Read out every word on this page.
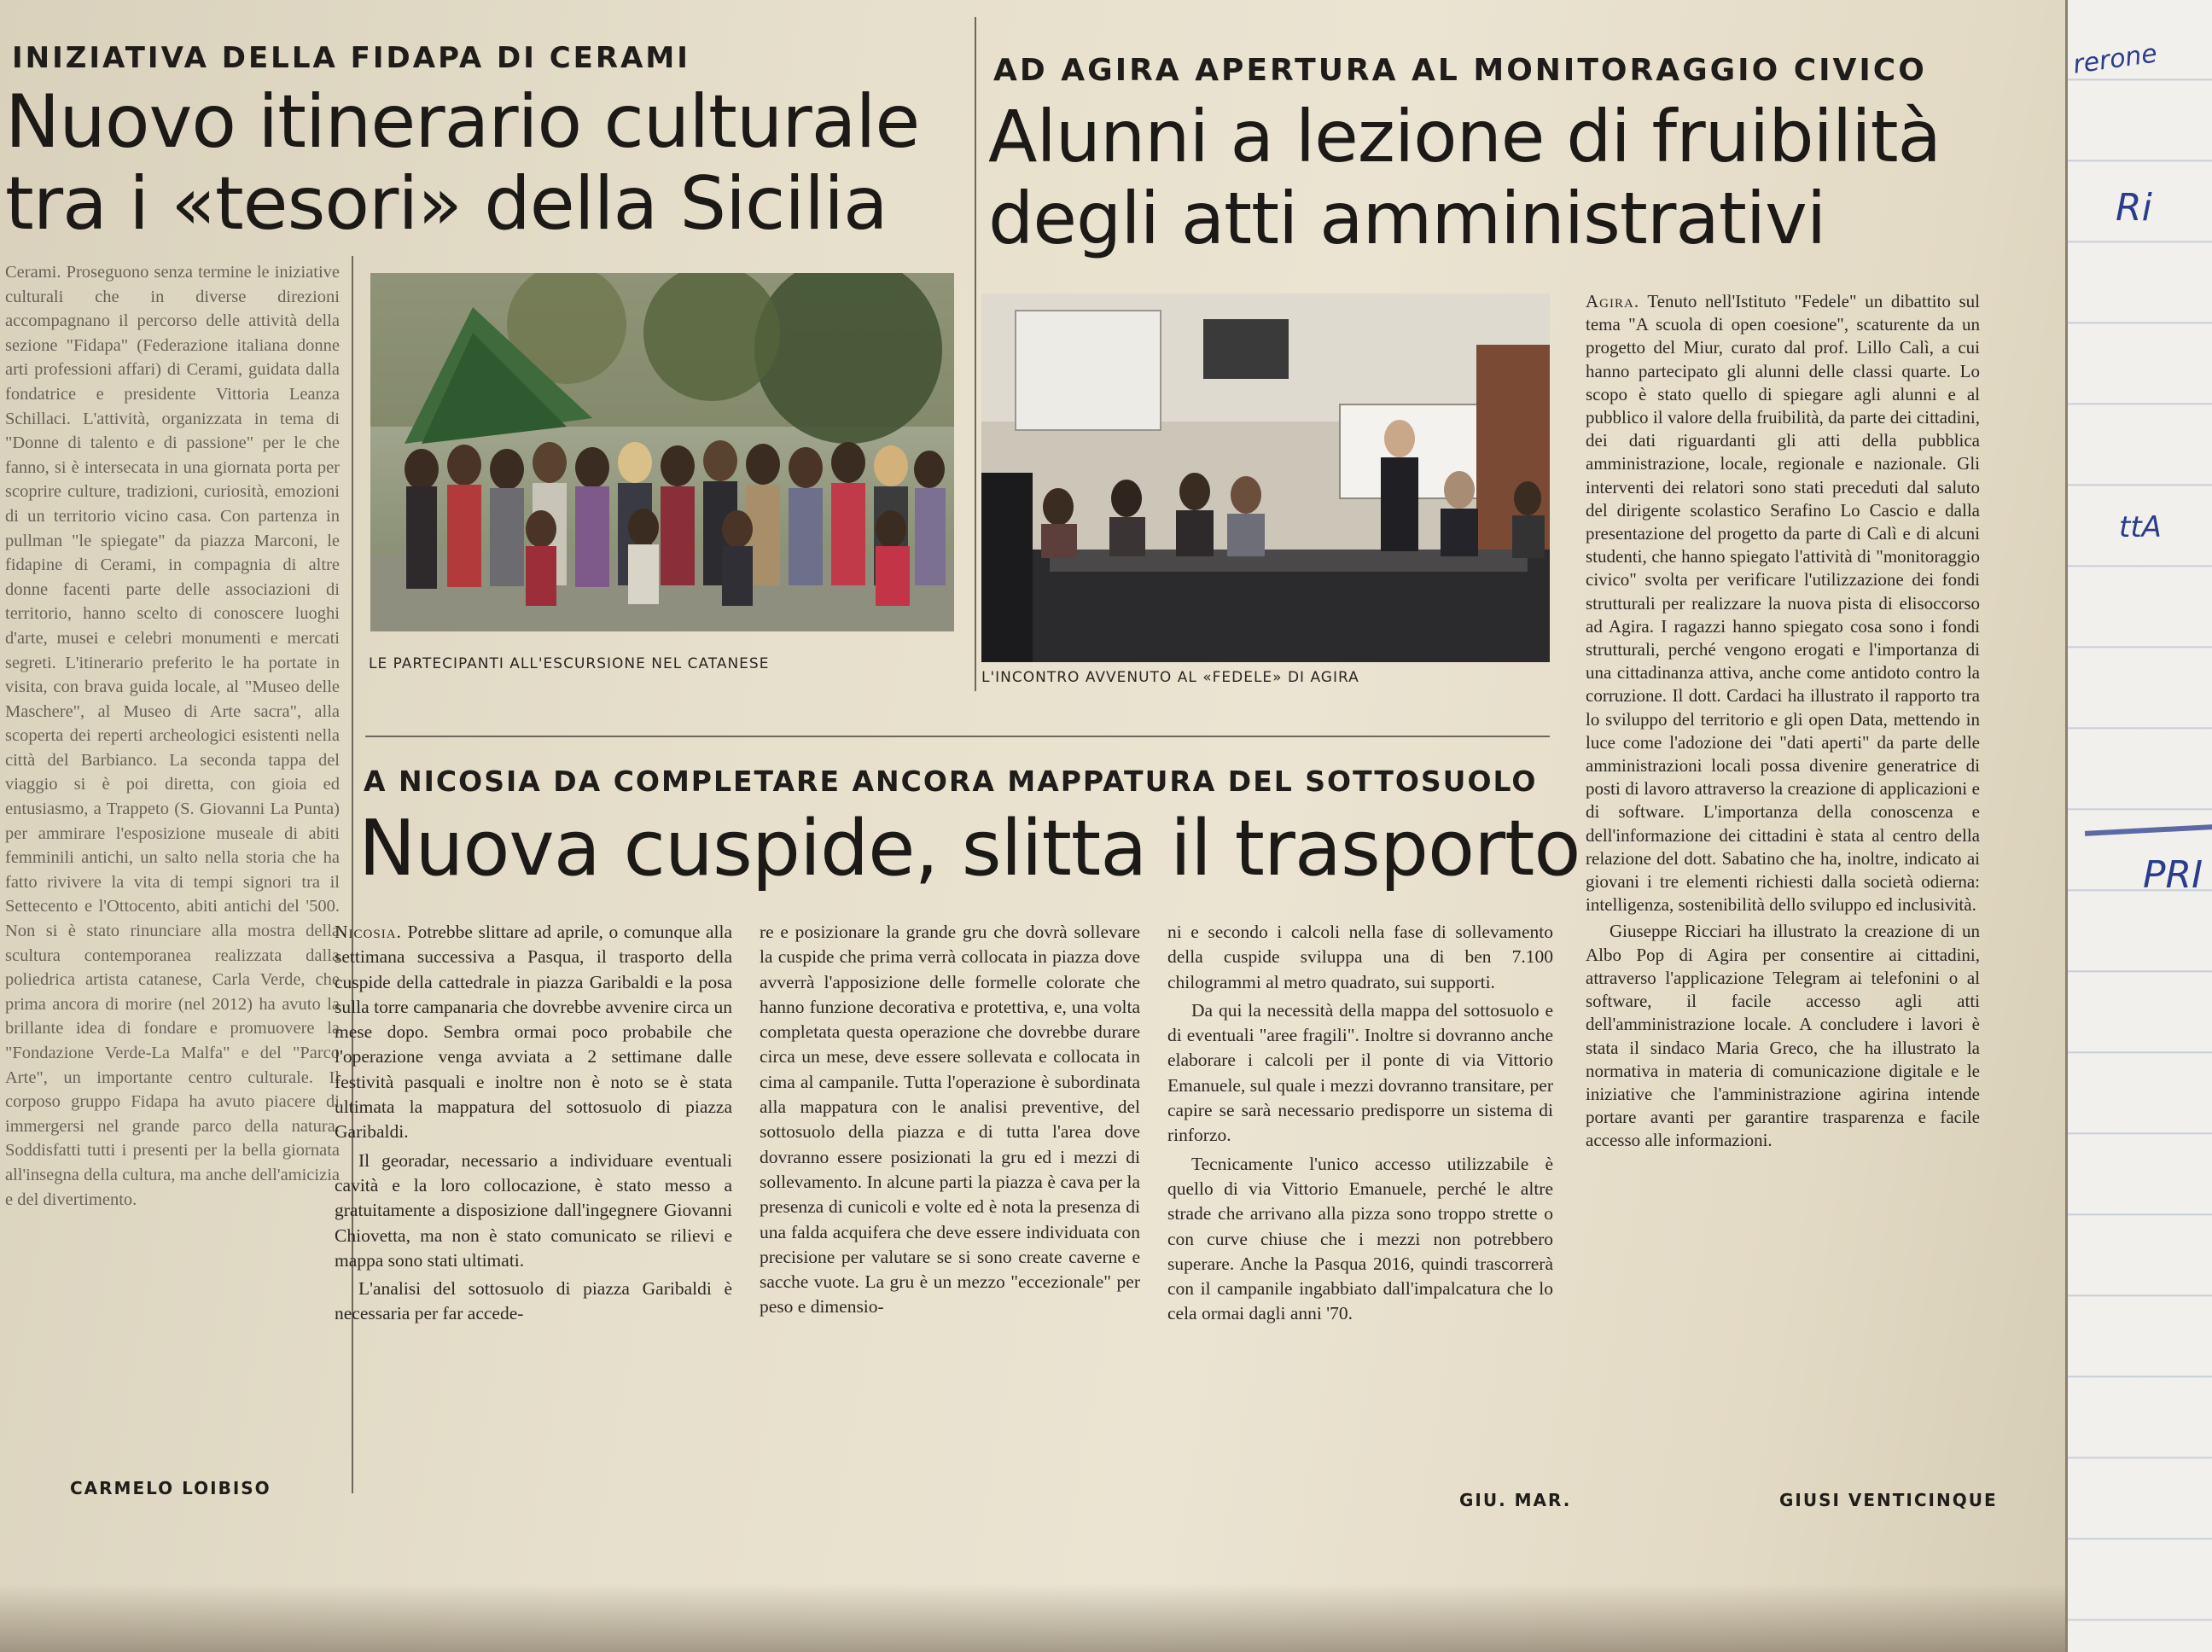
INIZIATIVA DELLA FIDAPA DI CERAMI
Nuovo itinerario culturale
tra i «tesori» della Sicilia

Cerami. Proseguono senza termine le iniziative culturali che in diverse direzioni accompagnano il percorso delle attività della sezione "Fidapa" (Federazione italiana donne arti professioni affari) di Cerami, guidata dalla fondatrice e presidente Vittoria Leanza Schillaci. L'attività, organizzata in tema di "Donne di talento e di passione" per le che fanno, si è intersecata in una giornata porta per scoprire culture, tradizioni, curiosità, emozioni di un territorio vicino casa. Con partenza in pullman "le spiegate" da piazza Marconi, le fidapine di Cerami, in compagnia di altre donne facenti parte delle associazioni di territorio, hanno scelto di conoscere luoghi d'arte, musei e celebri monumenti e mercati segreti. L'itinerario preferito le ha portate in visita, con brava guida locale, al "Museo delle Maschere", al Museo di Arte sacra", alla scoperta dei reperti archeologici esistenti nella città del Barbianco. La seconda tappa del viaggio si è poi diretta, con gioia ed entusiasmo, a Trappeto (S. Giovanni La Punta) per ammirare l'esposizione museale di abiti femminili antichi, un salto nella storia che ha fatto rivivere la vita di tempi signori tra il Settecento e l'Ottocento, abiti antichi del '500. Non si è stato rinunciare alla mostra della scultura contemporanea realizzata dalla poliedrica artista catanese, Carla Verde, che prima ancora di morire (nel 2012) ha avuto la brillante idea di fondare e promuovere la "Fondazione Verde-La Malfa" e del "Parco Arte", un importante centro culturale. Il corposo gruppo Fidapa ha avuto piacere di immergersi nel grande parco della natura. Soddisfatti tutti i presenti per la bella giornata all'insegna della cultura, ma anche dell'amicizia e del divertimento.

CARMELO LOIBISO
LE PARTECIPANTI ALL'ESCURSIONE NEL CATANESE
AD AGIRA APERTURA AL MONITORAGGIO CIVICO
Alunni a lezione di fruibilità
degli atti amministrativi
L'INCONTRO AVVENUTO AL «FEDELE» DI AGIRA

Agira. Tenuto nell'Istituto "Fedele" un dibattito sul tema "A scuola di open coesione", scaturente da un progetto del Miur, curato dal prof. Lillo Calì, a cui hanno partecipato gli alunni delle classi quarte. Lo scopo è stato quello di spiegare agli alunni e al pubblico il valore della fruibilità, da parte dei cittadini, dei dati riguardanti gli atti della pubblica amministrazione, locale, regionale e nazionale. Gli interventi dei relatori sono stati preceduti dal saluto del dirigente scolastico Serafino Lo Cascio e dalla presentazione del progetto da parte di Calì e di alcuni studenti, che hanno spiegato l'attività di "monitoraggio civico" svolta per verificare l'utilizzazione dei fondi strutturali per realizzare la nuova pista di elisoccorso ad Agira. I ragazzi hanno spiegato cosa sono i fondi strutturali, perché vengono erogati e l'importanza di una cittadinanza attiva, anche come antidoto contro la corruzione. Il dott. Cardaci ha illustrato il rapporto tra lo sviluppo del territorio e gli open Data, mettendo in luce come l'adozione dei "dati aperti" da parte delle amministrazioni locali possa divenire generatrice di posti di lavoro attraverso la creazione di applicazioni e di software. L'importanza della conoscenza e dell'informazione dei cittadini è stata al centro della relazione del dott. Sabatino che ha, inoltre, indicato ai giovani i tre elementi richiesti dalla società odierna: intelligenza, sostenibilità dello sviluppo ed inclusività.

Giuseppe Ricciari ha illustrato la creazione di un Albo Pop di Agira per consentire ai cittadini, attraverso l'applicazione Telegram ai telefonini o al software, il facile accesso agli atti dell'amministrazione locale. A concludere i lavori è stata il sindaco Maria Greco, che ha illustrato la normativa in materia di comunicazione digitale e le iniziative che l'amministrazione agirina intende portare avanti per garantire trasparenza e facile accesso alle informazioni.

GIUSI VENTICINQUE
A NICOSIA DA COMPLETARE ANCORA MAPPATURA DEL SOTTOSUOLO
Nuova cuspide, slitta il trasporto

Nicosia. Potrebbe slittare ad aprile, o comunque alla settimana successiva a Pasqua, il trasporto della cuspide della cattedrale in piazza Garibaldi e la posa sulla torre campanaria che dovrebbe avvenire circa un mese dopo. Sembra ormai poco probabile che l'operazione venga avviata a 2 settimane dalle festività pasquali e inoltre non è noto se è stata ultimata la mappatura del sottosuolo di piazza Garibaldi.

Il georadar, necessario a individuare eventuali cavità e la loro collocazione, è stato messo a gratuitamente a disposizione dall'ingegnere Giovanni Chiovetta, ma non è stato comunicato se rilievi e mappa sono stati ultimati.

L'analisi del sottosuolo di piazza Garibaldi è necessaria per far accede-

re e posizionare la grande gru che dovrà sollevare la cuspide che prima verrà collocata in piazza dove avverrà l'apposizione delle formelle colorate che hanno funzione decorativa e protettiva, e, una volta completata questa operazione che dovrebbe durare circa un mese, deve essere sollevata e collocata in cima al campanile. Tutta l'operazione è subordinata alla mappatura con le analisi preventive, del sottosuolo della piazza e di tutta l'area dove dovranno essere posizionati la gru ed i mezzi di sollevamento. In alcune parti la piazza è cava per la presenza di cunicoli e volte ed è nota la presenza di una falda acquifera che deve essere individuata con precisione per valutare se si sono create caverne e sacche vuote. La gru è un mezzo "eccezionale" per peso e dimensio-

ni e secondo i calcoli nella fase di sollevamento della cuspide sviluppa una di ben 7.100 chilogrammi al metro quadrato, sui supporti.

Da qui la necessità della mappa del sottosuolo e di eventuali "aree fragili". Inoltre si dovranno anche elaborare i calcoli per il ponte di via Vittorio Emanuele, sul quale i mezzi dovranno transitare, per capire se sarà necessario predisporre un sistema di rinforzo.

Tecnicamente l'unico accesso utilizzabile è quello di via Vittorio Emanuele, perché le altre strade che arrivano alla pizza sono troppo strette o con curve chiuse che i mezzi non potrebbero superare. Anche la Pasqua 2016, quindi trascorrerà con il campanile ingabbiato dall'impalcatura che lo cela ormai dagli anni '70.

GIU. MAR.
rerone
Ri
ttA
PRI
